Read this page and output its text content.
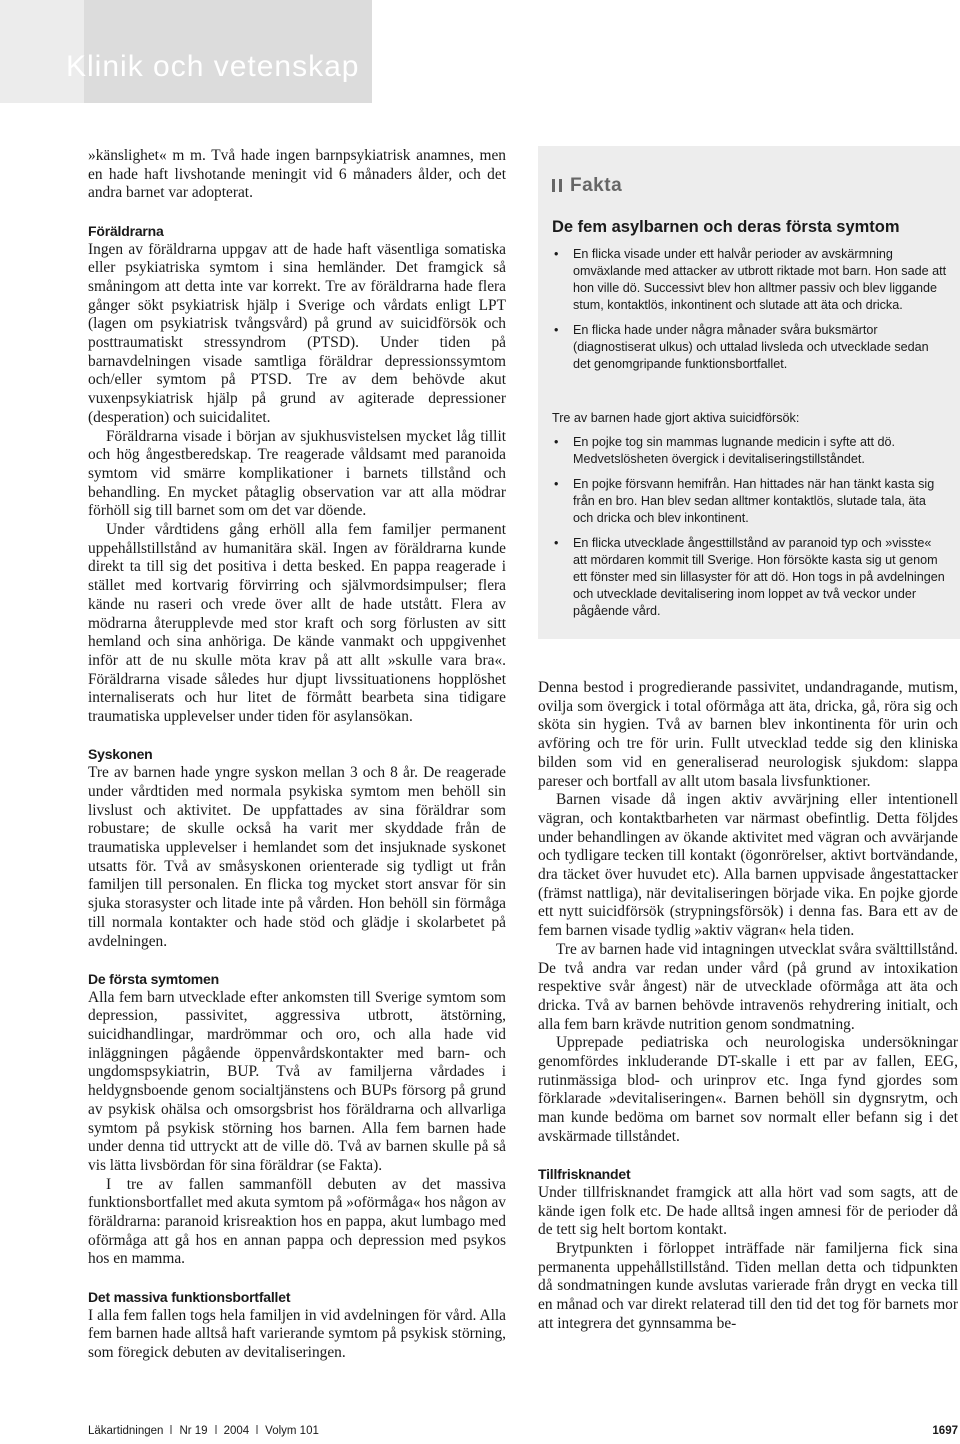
Klinik och vetenskap

»känslighet« m m. Två hade ingen barnpsykiatrisk anamnes, men en hade haft livshotande meningit vid 6 månaders ålder, och det andra barnet var adopterat.

Föräldrarna

Ingen av föräldrarna uppgav att de hade haft väsentliga somatiska eller psykiatriska symtom i sina hemländer. Det framgick så småningom att detta inte var korrekt. Tre av föräldrarna hade flera gånger sökt psykiatrisk hjälp i Sverige och vårdats enligt LPT (lagen om psykiatrisk tvångsvård) på grund av suicidförsök och posttraumatiskt stressyndrom (PTSD). Under tiden på barnavdelningen visade samtliga föräldrar depressionssymtom och/eller symtom på PTSD. Tre av dem behövde akut vuxenpsykiatrisk hjälp på grund av agiterade depressioner (desperation) och suicidalitet.

Föräldrarna visade i början av sjukhusvistelsen mycket låg tillit och hög ångestberedskap. Tre reagerade våldsamt med paranoida symtom vid smärre komplikationer i barnets tillstånd och behandling. En mycket påtaglig observation var att alla mödrar förhöll sig till barnet som om det var döende.

Under vårdtidens gång erhöll alla fem familjer permanent uppehållstillstånd av humanitära skäl. Ingen av föräldrarna kunde direkt ta till sig det positiva i detta besked. En pappa reagerade i stället med kortvarig förvirring och självmordsimpulser; flera kände nu raseri och vrede över allt de hade utstått. Flera av mödrarna återupplevde med stor kraft och sorg förlusten av sitt hemland och sina anhöriga. De kände vanmakt och uppgivenhet inför att de nu skulle möta krav på att allt »skulle vara bra«. Föräldrarna visade således hur djupt livssituationens hopplöshet internaliserats och hur litet de förmått bearbeta sina tidigare traumatiska upplevelser under tiden för asylansökan.

Syskonen

Tre av barnen hade yngre syskon mellan 3 och 8 år. De reagerade under vårdtiden med normala psykiska symtom men behöll sin livslust och aktivitet. De uppfattades av sina föräldrar som robustare; de skulle också ha varit mer skyddade från de traumatiska upplevelser i hemlandet som det insjuknade syskonet utsatts för. Två av småsyskonen orienterade sig tydligt ut från familjen till personalen. En flicka tog mycket stort ansvar för sin sjuka storasyster och litade inte på vården. Hon behöll sin förmåga till normala kontakter och hade stöd och glädje i skolarbetet på avdelningen.

De första symtomen

Alla fem barn utvecklade efter ankomsten till Sverige symtom som depression, passivitet, aggressiva utbrott, ätstörning, suicidhandlingar, mardrömmar och oro, och alla hade vid inläggningen pågående öppenvårdskontakter med barn- och ungdomspsykiatrin, BUP. Två av familjerna vårdades i heldygnsboende genom socialtjänstens och BUPs försorg på grund av psykisk ohälsa och omsorgsbrist hos föräldrarna och allvarliga symtom på psykisk störning hos barnen. Alla fem barnen hade under denna tid uttryckt att de ville dö. Två av barnen skulle på så vis lätta livsbördan för sina föräldrar (se Fakta).

I tre av fallen sammanföll debuten av det massiva funktionsbortfallet med akuta symtom på »oförmåga« hos någon av föräldrarna: paranoid krisreaktion hos en pappa, akut lumbago med oförmåga att gå hos en annan pappa och depression med psykos hos en mamma.

Det massiva funktionsbortfallet

I alla fem fallen togs hela familjen in vid avdelningen för vård. Alla fem barnen hade alltså haft varierande symtom på psykisk störning, som föregick debuten av devitaliseringen.

Fakta
De fem asylbarnen och deras första symtom
• En flicka visade under ett halvår perioder av avskärmning omväxlande med attacker av utbrott riktade mot barn. Hon sade att hon ville dö. Successivt blev hon alltmer passiv och blev liggande stum, kontaktlös, inkontinent och slutade att äta och dricka.
• En flicka hade under några månader svåra buksmärtor (diagnostiserat ulkus) och uttalad livsleda och utvecklade sedan det genomgripande funktionsbortfallet.
Tre av barnen hade gjort aktiva suicidförsök:
• En pojke tog sin mammas lugnande medicin i syfte att dö. Medvetslösheten övergick i devitaliseringstillståndet.
• En pojke försvann hemifrån. Han hittades när han tänkt kasta sig från en bro. Han blev sedan alltmer kontaktlös, slutade tala, äta och dricka och blev inkontinent.
• En flicka utvecklade ångesttillstånd av paranoid typ och »visste« att mördaren kommit till Sverige. Hon försökte kasta sig ut genom ett fönster med sin lillasyster för att dö. Hon togs in på avdelningen och utvecklade devitalisering inom loppet av två veckor under pågående vård.

Denna bestod i progredierande passivitet, undandragande, mutism, ovilja som övergick i total oförmåga att äta, dricka, gå, röra sig och sköta sin hygien. Två av barnen blev inkontinenta för urin och avföring och tre för urin. Fullt utvecklad tedde sig den kliniska bilden som vid en generaliserad neurologisk sjukdom: slappa pareser och bortfall av allt utom basala livsfunktioner.

Barnen visade då ingen aktiv avvärjning eller intentionell vägran, och kontaktbarheten var närmast obefintlig. Detta följdes under behandlingen av ökande aktivitet med vägran och avvärjande och tydligare tecken till kontakt (ögonrörelser, aktivt bortvändande, dra täcket över huvudet etc). Alla barnen uppvisade ångestattacker (främst nattliga), när devitaliseringen började vika. En pojke gjorde ett nytt suicidförsök (strypningsförsök) i denna fas. Bara ett av de fem barnen visade tydlig »aktiv vägran« hela tiden.

Tre av barnen hade vid intagningen utvecklat svåra svälttillstånd. De två andra var redan under vård (på grund av intoxikation respektive svår ångest) när de utvecklade oförmåga att äta och dricka. Två av barnen behövde intravenös rehydrering initialt, och alla fem barn krävde nutrition genom sondmatning.

Upprepade pediatriska och neurologiska undersökningar genomfördes inkluderande DT-skalle i ett par av fallen, EEG, rutinmässiga blod- och urinprov etc. Inga fynd gjordes som förklarade »devitaliseringen«. Barnen behöll sin dygnsrytm, och man kunde bedöma om barnet sov normalt eller befann sig i det avskärmade tillståndet.

Tillfrisknandet

Under tillfrisknandet framgick att alla hört vad som sagts, att de kände igen folk etc. De hade alltså ingen amnesi för de perioder då de tett sig helt bortom kontakt.

Brytpunkten i förloppet inträffade när familjerna fick sina permanenta uppehållstillstånd. Tiden mellan detta och tidpunkten då sondmatningen kunde avslutas varierade från drygt en vecka till en månad och var direkt relaterad till den tid det tog för barnets mor att integrera det gynnsamma be-

Läkartidningen Nr 19 2004 Volym 101	1697
